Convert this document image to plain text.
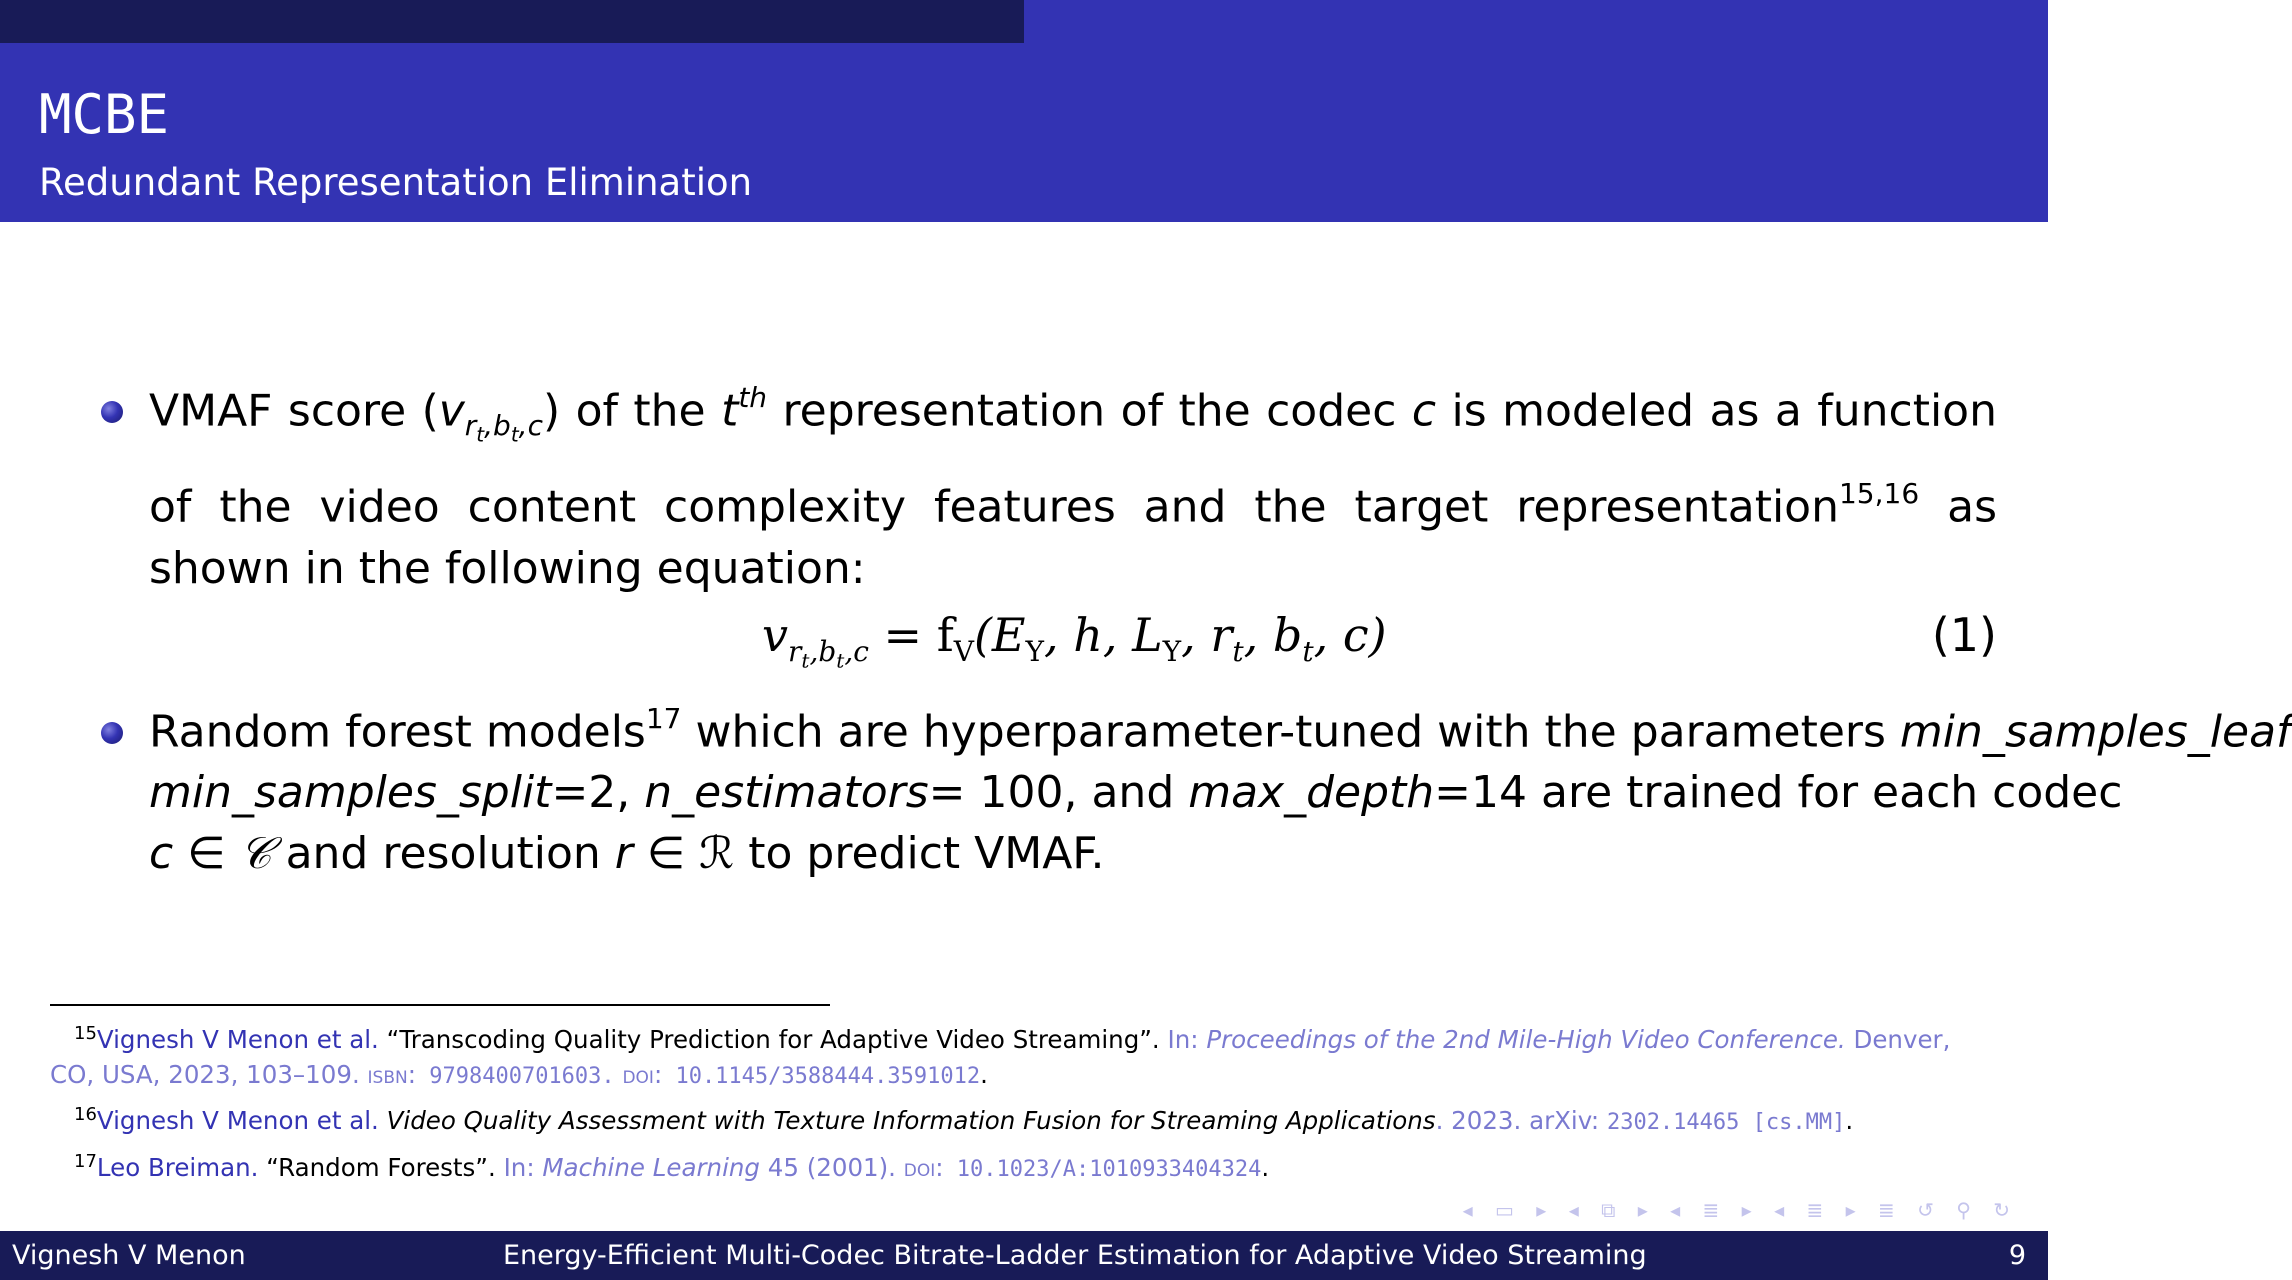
Redundant Representation Elimination
MCBE
Redundant Representation Elimination
VMAF score $(v_{r_t,b_t,c})$ of the t$^{th}$ representation of the codec c is modeled as a function of the video content complexity features and the target representation$^{15,16}$ as shown in the following equation:
$v_{r_t,b_t,c} = f_V(E_Y$, h, $L_Y$, $r_t$, $b_t$, c)	(1)
Random forest models$^{17}$ which are hyperparameter-tuned with the parameters min_samples_leaf
min_samples_split=2, n_estimators= 100, and max_depth=14 are trained for each codec
c ∈ 𝒞 and resolution r ∈ ℛ to predict VMAF.
$^{15}$Vignesh V Menon et al. “Transcoding Quality Prediction for Adaptive Video Streaming”. In: Proceedings of the 2nd Mile-High Video Conference. Denver, CO, USA, 2023, 103–109. isbn: 9798400701603. doi: 10.1145/3588444.3591012.
$^{16}$Vignesh V Menon et al. Video Quality Assessment with Texture Information Fusion for Streaming Applications. 2023. arXiv: 2302.14465 [cs.MM].
$^{17}$Leo Breiman. “Random Forests”. In: Machine Learning 45 (2001). doi: 10.1023/A:1010933404324.
◂ ▭ ▸ ◂ ⧉ ▸ ◂ ≣ ▸ ◂ ≣ ▸ ≣ ↺ ⚲ ↻
Vignesh V Menon	Energy-Efficient Multi-Codec Bitrate-Ladder Estimation for Adaptive Video Streaming	9
